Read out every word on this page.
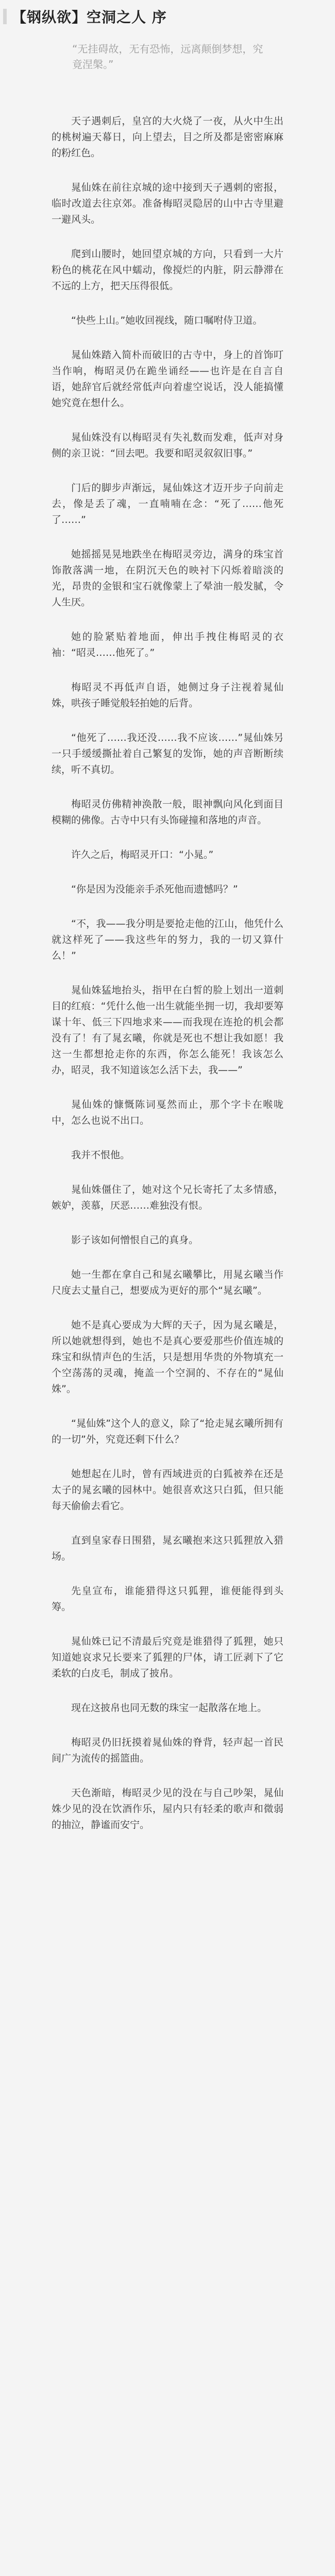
【钢纵欲】空洞之人 序
“无挂碍故，无有恐怖，远离颠倒梦想，究竟涅槃。”

天子遇刺后，皇宫的大火烧了一夜，从火中生出的桃树遍天幕日，向上望去，目之所及都是密密麻麻的粉红色。

晁仙姝在前往京城的途中接到天子遇刺的密报，临时改道去往京郊。准备梅昭灵隐居的山中古寺里避一避风头。

爬到山腰时，她回望京城的方向，只看到一大片粉色的桃花在风中蠕动，像搅烂的内脏，阴云静滞在不远的上方，把天压得很低。

“快些上山。”她收回视线，随口嘱咐侍卫道。

晁仙姝踏入简朴而破旧的古寺中，身上的首饰叮当作响，梅昭灵仍在跪坐诵经——也许是在自言自语，她辞官后就经常低声向着虚空说话，没人能搞懂她究竟在想什么。

晁仙姝没有以梅昭灵有失礼数而发难，低声对身侧的亲卫说：“回去吧。我要和昭灵叙叙旧事。”

门后的脚步声渐远，晁仙姝这才迈开步子向前走去，像是丢了魂，一直喃喃在念：“死了……他死了……”

她摇摇晃晃地跌坐在梅昭灵旁边，满身的珠宝首饰散落满一地，在阴沉天色的映衬下闪烁着暗淡的光，昂贵的金银和宝石就像蒙上了晕油一般发腻，令人生厌。

她的脸紧贴着地面，伸出手拽住梅昭灵的衣袖：“昭灵……他死了。”

梅昭灵不再低声自语，她侧过身子注视着晁仙姝，哄孩子睡觉般轻拍她的后背。

“他死了……我还没……我不应该……”晁仙姝另一只手缓缓撕扯着自己繁复的发饰，她的声音断断续续，听不真切。

梅昭灵仿佛精神涣散一般，眼神飘向风化到面目模糊的佛像。古寺中只有头饰碰撞和落地的声音。

许久之后，梅昭灵开口：“小晁。”

“你是因为没能亲手杀死他而遗憾吗？”

“不，我——我分明是要抢走他的江山，他凭什么就这样死了——我这些年的努力，我的一切又算什么！”

晁仙姝猛地抬头，指甲在白皙的脸上划出一道刺目的红痕：“凭什么他一出生就能坐拥一切，我却要筹谋十年、低三下四地求来——而我现在连抢的机会都没有了！有了晁玄曦，你就是死也不想让我如愿！我这一生都想抢走你的东西，你怎么能死！我该怎么办，昭灵，我不知道该怎么活下去，我——”

晁仙姝的慷慨陈词戛然而止，那个字卡在喉咙中，怎么也说不出口。

我并不恨他。

晁仙姝僵住了，她对这个兄长寄托了太多情感，嫉妒，羡慕，厌恶……难独没有恨。

影子该如何憎恨自己的真身。

她一生都在拿自己和晁玄曦攀比，用晁玄曦当作尺度去丈量自己，想要成为更好的那个“晁玄曦”。

她不是真心要成为大辉的天子，因为晁玄曦是，所以她就想得到，她也不是真心要爱那些价值连城的珠宝和纵情声色的生活，只是想用华贵的外物填充一个空荡荡的灵魂，掩盖一个空洞的、不存在的“晁仙姝”。

“晁仙姝”这个人的意义，除了“抢走晁玄曦所拥有的一切”外，究竟还剩下什么？

她想起在儿时，曾有西域进贡的白狐被养在还是太子的晁玄曦的园林中。她很喜欢这只白狐，但只能每天偷偷去看它。

直到皇家春日围猎，晁玄曦抱来这只狐狸放入猎场。

先皇宣布，谁能猎得这只狐狸，谁便能得到头筹。

晁仙姝已记不清最后究竟是谁猎得了狐狸，她只知道她哀求兄长要来了狐狸的尸体，请工匠剥下了它柔软的白皮毛，制成了披帛。

现在这披帛也同无数的珠宝一起散落在地上。

梅昭灵仍旧抚摸着晁仙姝的脊背，轻声起一首民间广为流传的摇篮曲。

天色渐暗，梅昭灵少见的没在与自己吵架，晁仙姝少见的没在饮酒作乐，屋内只有轻柔的歌声和微弱的抽泣，静谧而安宁。
